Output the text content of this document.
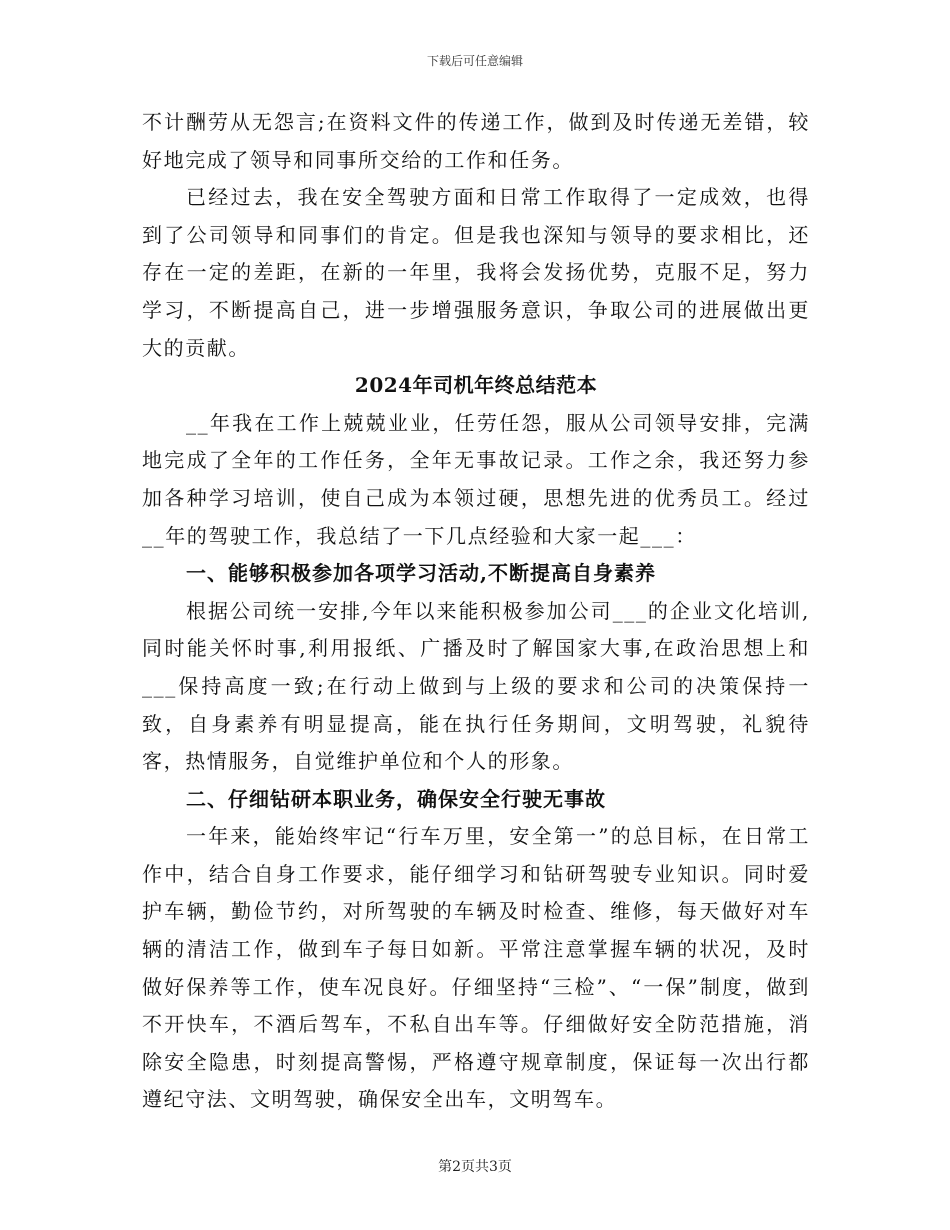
下载后可任意编辑

不计酬劳从无怨言;在资料文件的传递工作，做到及时传递无差错，较好地完成了领导和同事所交给的工作和任务。

已经过去，我在安全驾驶方面和日常工作取得了一定成效，也得到了公司领导和同事们的肯定。但是我也深知与领导的要求相比，还存在一定的差距，在新的一年里，我将会发扬优势，克服不足，努力学习，不断提高自己，进一步增强服务意识，争取公司的进展做出更大的贡献。

2024年司机年终总结范本

__年我在工作上兢兢业业，任劳任怨，服从公司领导安排，完满地完成了全年的工作任务，全年无事故记录。工作之余，我还努力参加各种学习培训，使自己成为本领过硬，思想先进的优秀员工。经过__年的驾驶工作，我总结了一下几点经验和大家一起___：

一、能够积极参加各项学习活动,不断提高自身素养

根据公司统一安排,今年以来能积极参加公司___的企业文化培训,同时能关怀时事,利用报纸、广播及时了解国家大事,在政治思想上和___保持高度一致;在行动上做到与上级的要求和公司的决策保持一致，自身素养有明显提高，能在执行任务期间，文明驾驶，礼貌待客，热情服务，自觉维护单位和个人的形象。

二、仔细钻研本职业务，确保安全行驶无事故

一年来，能始终牢记“行车万里，安全第一”的总目标，在日常工作中，结合自身工作要求，能仔细学习和钻研驾驶专业知识。同时爱护车辆，勤俭节约，对所驾驶的车辆及时检查、维修，每天做好对车辆的清洁工作，做到车子每日如新。平常注意掌握车辆的状况，及时做好保养等工作，使车况良好。仔细坚持“三检”、“一保”制度，做到不开快车，不酒后驾车，不私自出车等。仔细做好安全防范措施，消除安全隐患，时刻提高警惕，严格遵守规章制度，保证每一次出行都遵纪守法、文明驾驶，确保安全出车，文明驾车。

第2页共3页
